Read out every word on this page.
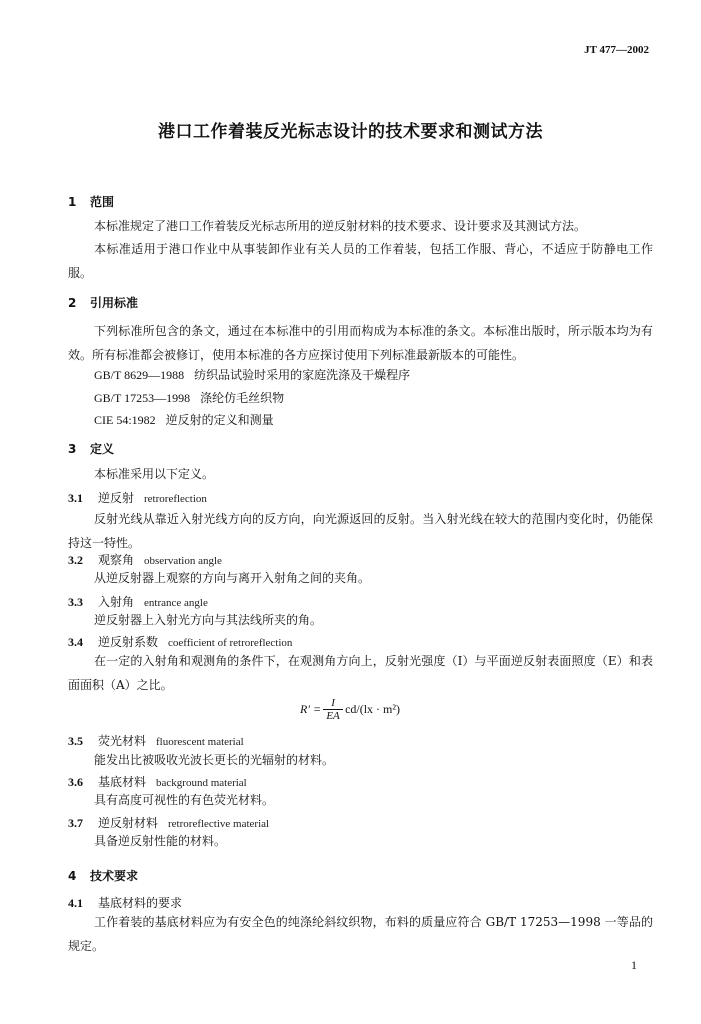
JT 477—2002
港口工作着装反光标志设计的技术要求和测试方法
1 范围
本标准规定了港口工作着装反光标志所用的逆反射材料的技术要求、设计要求及其测试方法。
本标准适用于港口作业中从事装卸作业有关人员的工作着装，包括工作服、背心，不适应于防静电工作服。
2 引用标准
下列标准所包含的条文，通过在本标准中的引用而构成为本标准的条文。本标准出版时，所示版本均为有效。所有标准都会被修订，使用本标准的各方应探讨使用下列标准最新版本的可能性。
GB/T 8629—1988 纺织品试验时采用的家庭洗涤及干燥程序
GB/T 17253—1998 涤纶仿毛丝织物
CIE 54:1982 逆反射的定义和测量
3 定义
本标准采用以下定义。
3.1 逆反射 retroreflection
反射光线从靠近入射光线方向的反方向，向光源返回的反射。当入射光线在较大的范围内变化时，仍能保持这一特性。
3.2 观察角 observation angle
从逆反射器上观察的方向与离开入射角之间的夹角。
3.3 入射角 entrance angle
逆反射器上入射光方向与其法线所夹的角。
3.4 逆反射系数 coefficient of retroreflection
在一定的入射角和观测角的条件下，在观测角方向上，反射光强度（I）与平面逆反射表面照度（E）和表面面积（A）之比。
$R' = \frac{I}{EA} cd/(lx \cdot m^2)$
3.5 荧光材料 fluorescent material
能发出比被吸收光波长更长的光辐射的材料。
3.6 基底材料 background material
具有高度可视性的有色荧光材料。
3.7 逆反射材料 retroreflective material
具备逆反射性能的材料。
4 技术要求
4.1 基底材料的要求
工作着装的基底材料应为有安全色的纯涤纶斜纹织物，布料的质量应符合 GB/T 17253—1998 一等品的规定。
1
